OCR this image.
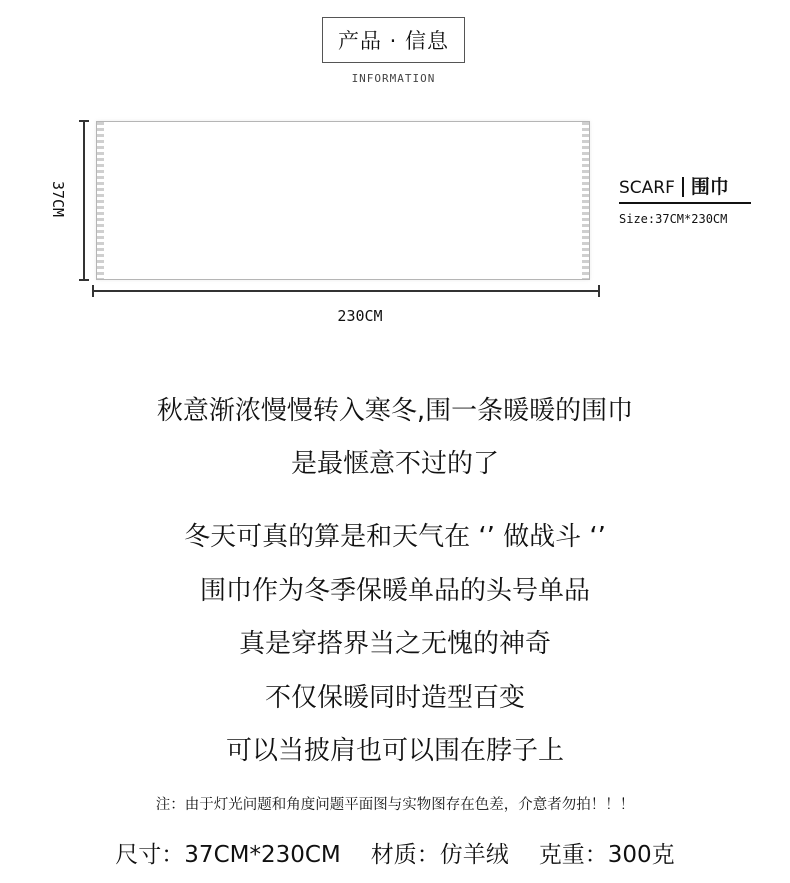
产品 · 信息
INFORMATION
37CM
230CM
SCARF 围巾
Size:37CM*230CM
秋意渐浓慢慢转入寒冬,围一条暖暖的围巾
是最惬意不过的了
冬天可真的算是和天气在 ‘’ 做战斗 ‘’
围巾作为冬季保暖单品的头号单品
真是穿搭界当之无愧的神奇
不仅保暖同时造型百变
可以当披肩也可以围在脖子上
注：由于灯光问题和角度问题平面图与实物图存在色差，介意者勿拍！！！
尺寸：37CM*230CM 材质：仿羊绒 克重：300克
